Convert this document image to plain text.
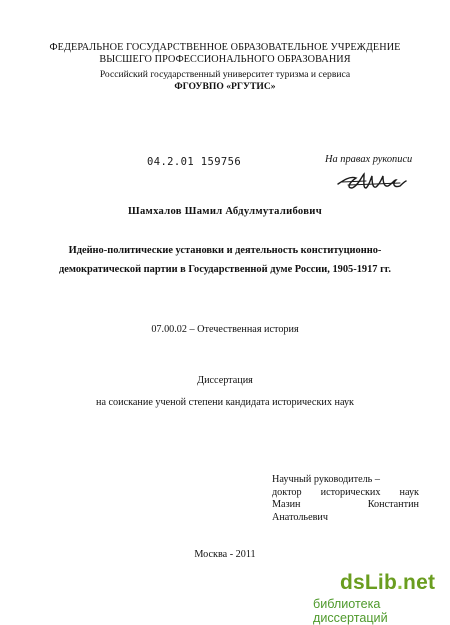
ФЕДЕРАЛЬНОЕ ГОСУДАРСТВЕННОЕ ОБРАЗОВАТЕЛЬНОЕ УЧРЕЖДЕНИЕ
ВЫСШЕГО ПРОФЕССИОНАЛЬНОГО ОБРАЗОВАНИЯ
Российский государственный университет туризма и сервиса
ФГОУВПО «РГУТИС»
04.2.01 159756	На правах рукописи
Шамхалов Шамил Абдулмуталибович
Идейно-политические установки и деятельность конституционно-
демократической партии в Государственной думе России, 1905-1917 гг.
07.00.02 – Отечественная история
Диссертация
на соискание ученой степени кандидата исторических наук
Научный руководитель –
доктор исторических наук
Мазин	Константин
Анатольевич
Москва - 2011
dsLib.net
библиотека диссертаций
